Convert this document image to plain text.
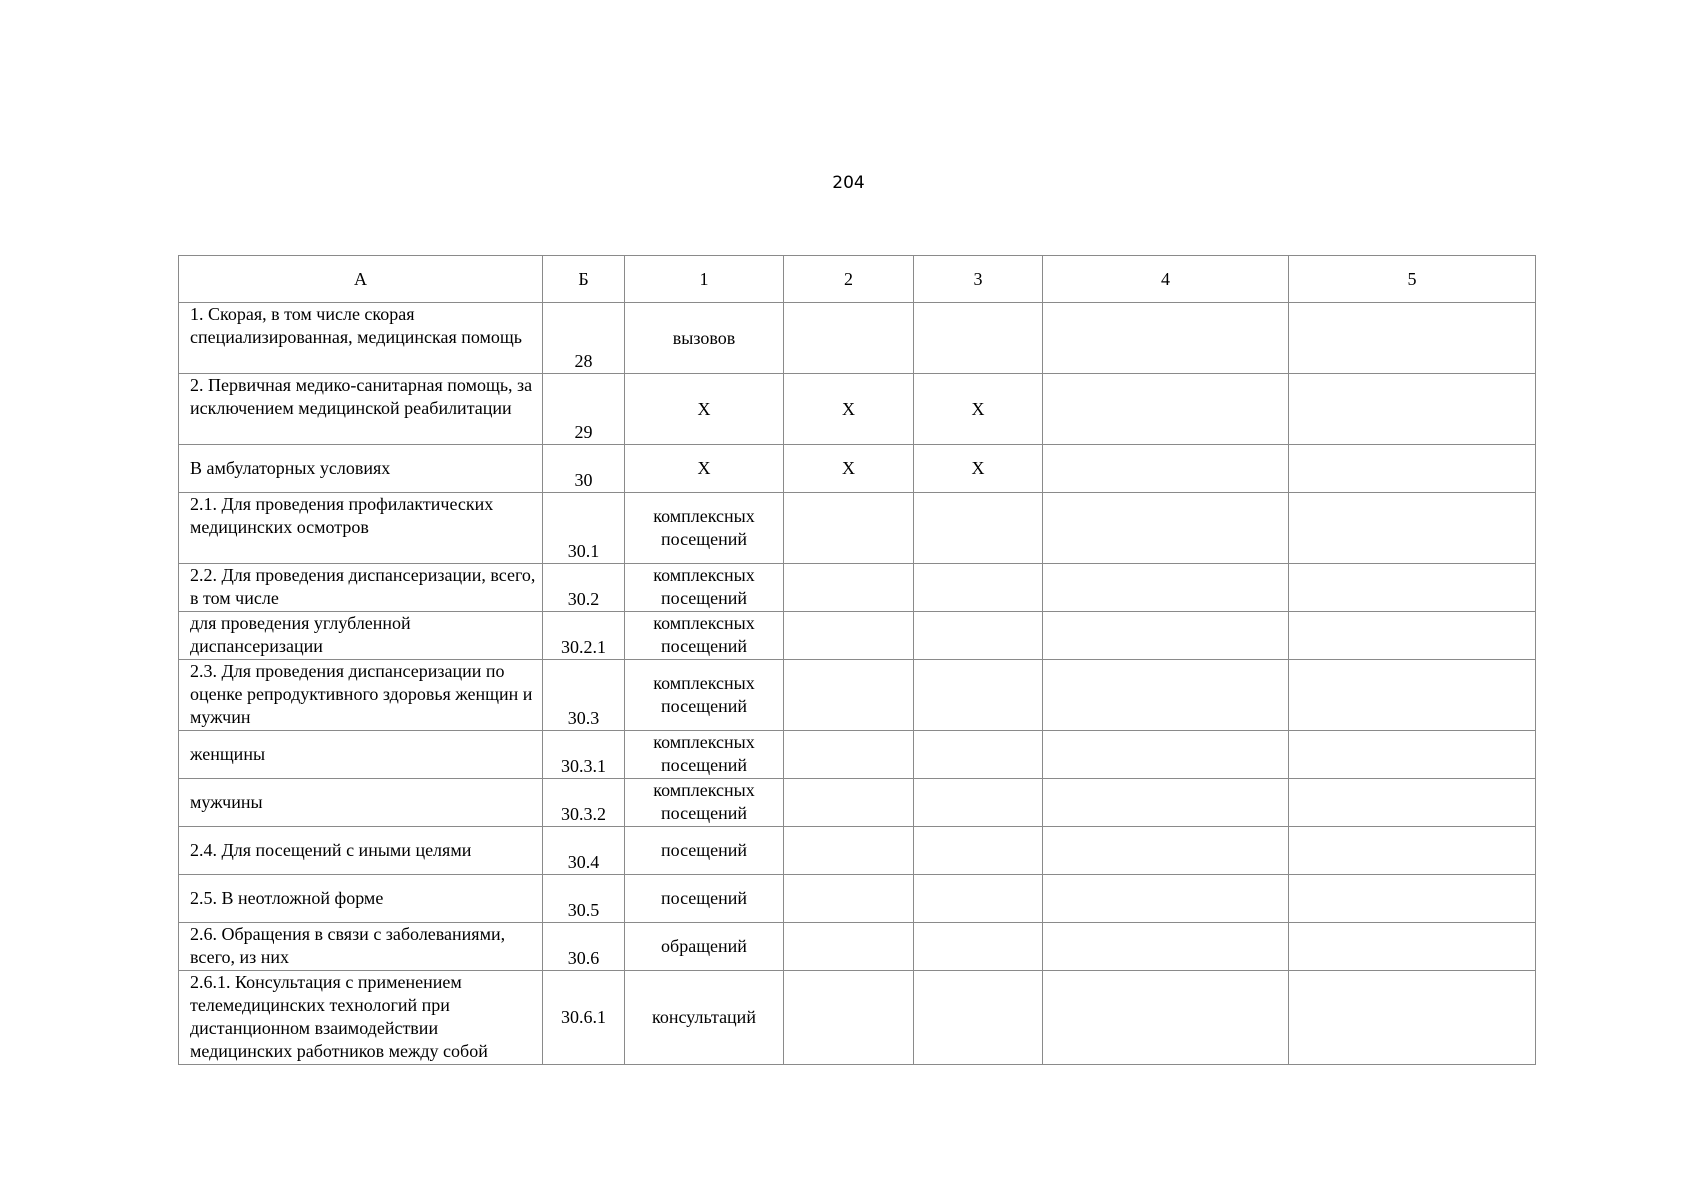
204
А	Б	1	2	3	4	5
1. Скорая, в том числе скорая специализированная, медицинская помощь	28	вызовов				
2. Первичная медико-санитарная помощь, за исключением медицинской реабилитации	29	Х	Х	Х		
В амбулаторных условиях	30	Х	Х	Х		
2.1. Для проведения профилактических медицинских осмотров	30.1	комплексных посещений				
2.2. Для проведения диспансеризации, всего, в том числе	30.2	комплексных посещений				
для проведения углубленной диспансеризации	30.2.1	комплексных посещений				
2.3. Для проведения диспансеризации по оценке репродуктивного здоровья женщин и мужчин	30.3	комплексных посещений				
женщины	30.3.1	комплексных посещений				
мужчины	30.3.2	комплексных посещений				
2.4. Для посещений с иными целями	30.4	посещений				
2.5. В неотложной форме	30.5	посещений				
2.6. Обращения в связи с заболеваниями, всего, из них	30.6	обращений				
2.6.1. Консультация с применением телемедицинских технологий при дистанционном взаимодействии медицинских работников между собой	30.6.1	консультаций				
